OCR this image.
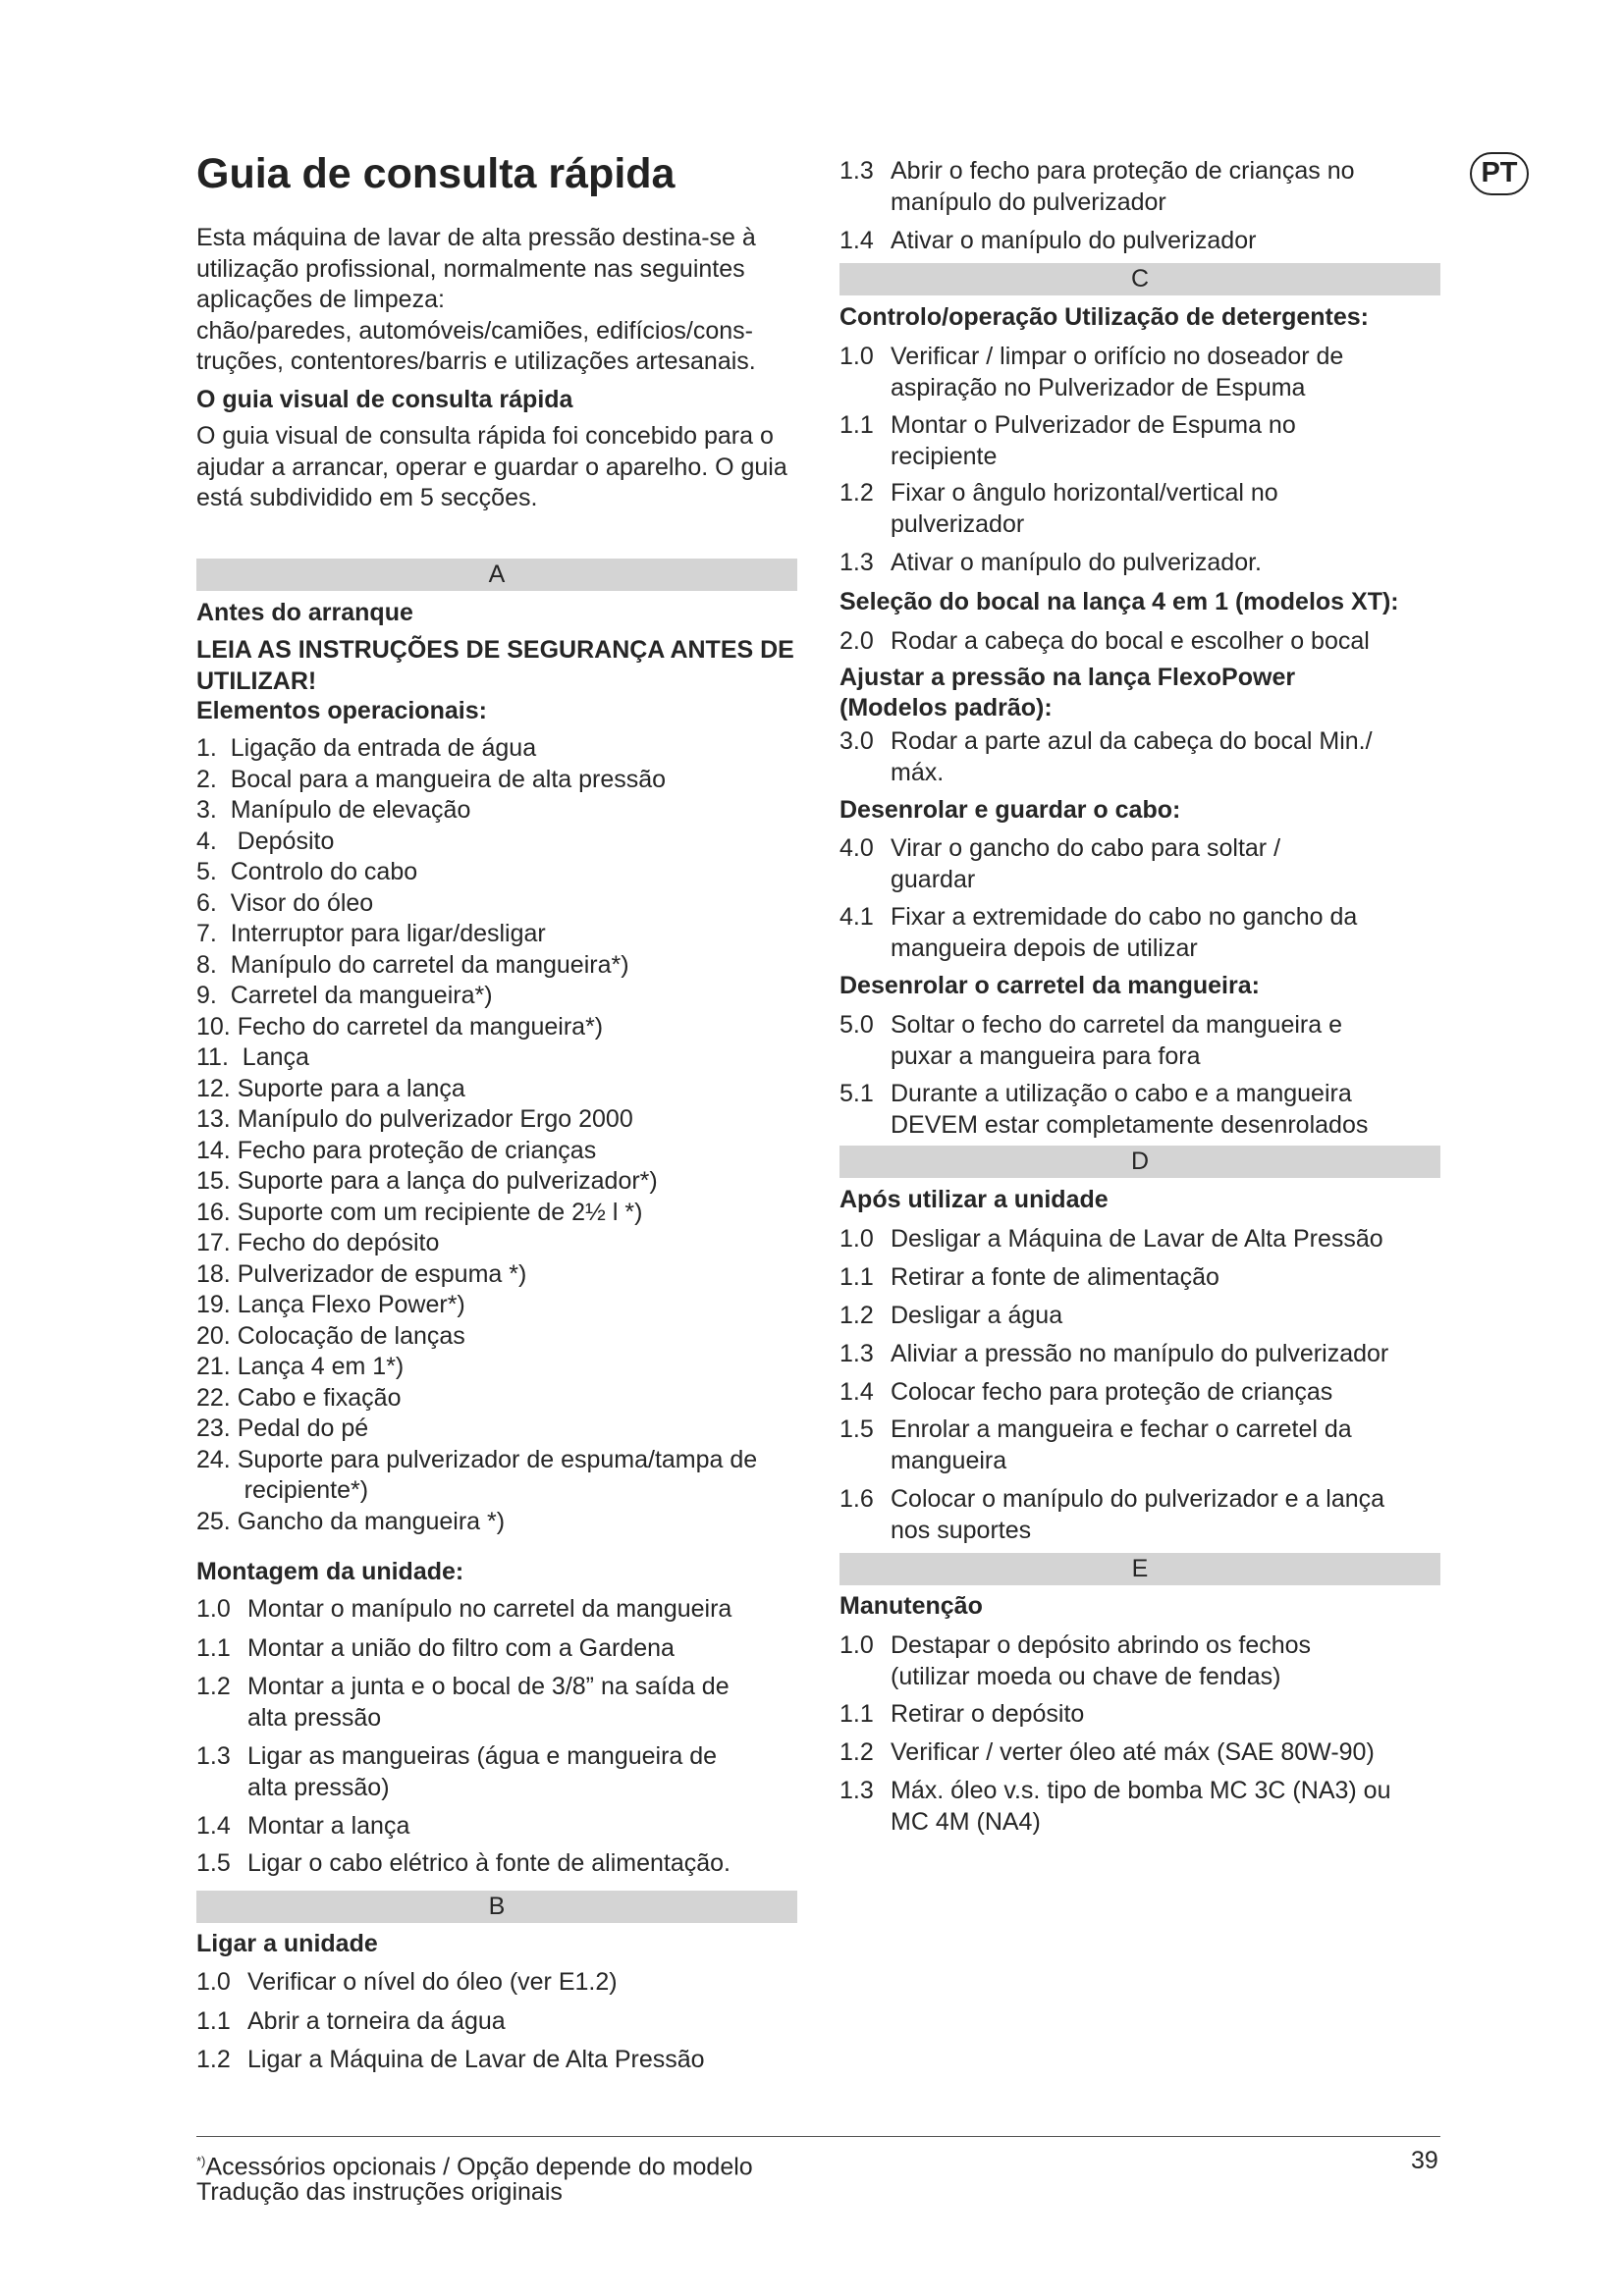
PT
Guia de consulta rápida
Esta máquina de lavar de alta pressão destina-se à utilização profissional, normalmente nas seguintes aplicações de limpeza:
chão/paredes, automóveis/camiões, edifícios/cons-truções, contentores/barris e utilizações artesanais.
O guia visual de consulta rápida
O guia visual de consulta rápida foi concebido para o ajudar a arrancar, operar e guardar o aparelho. O guia está subdividido em 5 secções.
A
Antes do arranque
LEIA AS INSTRUÇÕES DE SEGURANÇA ANTES DE UTILIZAR!
Elementos operacionais:
1.  Ligação da entrada de água
2.  Bocal para a mangueira de alta pressão
3.  Manípulo de elevação
4.   Depósito
5.  Controlo do cabo
6.  Visor do óleo
7.  Interruptor para ligar/desligar
8.  Manípulo do carretel da mangueira*)
9.  Carretel da mangueira*)
10. Fecho do carretel da mangueira*)
11.  Lança
12. Suporte para a lança
13. Manípulo do pulverizador Ergo 2000
14. Fecho para proteção de crianças
15. Suporte para a lança do pulverizador*)
16. Suporte com um recipiente de 2½ l *)
17. Fecho do depósito
18. Pulverizador de espuma *)
19. Lança Flexo Power*)
20. Colocação de lanças
21. Lança 4 em 1*)
22. Cabo e fixação
23. Pedal do pé
24. Suporte para pulverizador de espuma/tampa de
recipiente*)
25. Gancho da mangueira *)
Montagem da unidade:
1.0 Montar o manípulo no carretel da mangueira
1.1 Montar a união do filtro com a Gardena
1.2 Montar a junta e o bocal de 3/8” na saída de
alta pressão
1.3 Ligar as mangueiras (água e mangueira de
alta pressão)
1.4 Montar a lança
1.5 Ligar o cabo elétrico à fonte de alimentação.
B
Ligar a unidade
1.0 Verificar o nível do óleo (ver E1.2)
1.1 Abrir a torneira da água
1.2 Ligar a Máquina de Lavar de Alta Pressão
1.3 Abrir o fecho para proteção de crianças no
manípulo do pulverizador
1.4 Ativar o manípulo do pulverizador
C
Controlo/operação Utilização de detergentes:
1.0 Verificar / limpar o orifício no doseador de
aspiração no Pulverizador de Espuma
1.1 Montar o Pulverizador de Espuma no
recipiente
1.2 Fixar o ângulo horizontal/vertical no
pulverizador
1.3 Ativar o manípulo do pulverizador.
Seleção do bocal na lança 4 em 1 (modelos XT):
2.0 Rodar a cabeça do bocal e escolher o bocal
Ajustar a pressão na lança FlexoPower
(Modelos padrão):
3.0 Rodar a parte azul da cabeça do bocal Min./
máx.
Desenrolar e guardar o cabo:
4.0 Virar o gancho do cabo para soltar /
guardar
4.1 Fixar a extremidade do cabo no gancho da
mangueira depois de utilizar
Desenrolar o carretel da mangueira:
5.0 Soltar o fecho do carretel da mangueira e
puxar a mangueira para fora
5.1 Durante a utilização o cabo e a mangueira
DEVEM estar completamente desenrolados
D
Após utilizar a unidade
1.0 Desligar a Máquina de Lavar de Alta Pressão
1.1 Retirar a fonte de alimentação
1.2 Desligar a água
1.3 Aliviar a pressão no manípulo do pulverizador
1.4 Colocar fecho para proteção de crianças
1.5 Enrolar a mangueira e fechar o carretel da
mangueira
1.6 Colocar o manípulo do pulverizador e a lança
nos suportes
E
Manutenção
1.0 Destapar o depósito abrindo os fechos
(utilizar moeda ou chave de fendas)
1.1 Retirar o depósito
1.2 Verificar / verter óleo até máx (SAE 80W-90)
1.3 Máx. óleo v.s. tipo de bomba MC 3C (NA3) ou
MC 4M (NA4)
*)Acessórios opcionais / Opção depende do modelo
Tradução das instruções originais
39
